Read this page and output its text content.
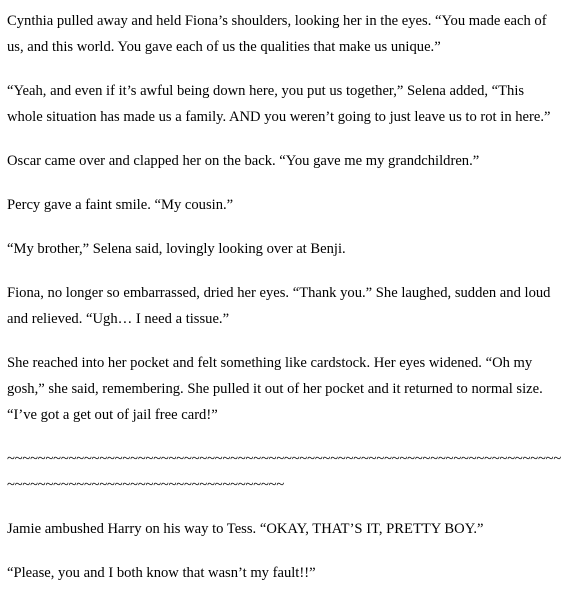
Cynthia pulled away and held Fiona’s shoulders, looking her in the eyes. “You made each of us, and this world. You gave each of us the qualities that make us unique.”

“Yeah, and even if it’s awful being down here, you put us together,” Selena added, “This whole situation has made us a family. AND you weren’t going to just leave us to rot in here.”

Oscar came over and clapped her on the back. “You gave me my grandchildren.”

Percy gave a faint smile. “My cousin.”

“My brother,” Selena said, lovingly looking over at Benji.

Fiona, no longer so embarrassed, dried her eyes. “Thank you.” She laughed, sudden and loud and relieved. “Ugh… I need a tissue.”

She reached into her pocket and felt something like cardstock. Her eyes widened. “Oh my gosh,” she said, remembering. She pulled it out of her pocket and it returned to normal size. “I’ve got a get out of jail free card!”

~~~~~~~~~~~~~~~~~~~~~~~~~~~~~~~~~~~~~~~~~~~~~~~~~~~~~~~~~~~~~~~~~~~~~~~~~~~~~~~~~~~~~~~~~~~~~~~~~~~~~~~~~~~~

Jamie ambushed Harry on his way to Tess. “OKAY, THAT’S IT, PRETTY BOY.”

“Please, you and I both know that wasn’t my fault!!”
